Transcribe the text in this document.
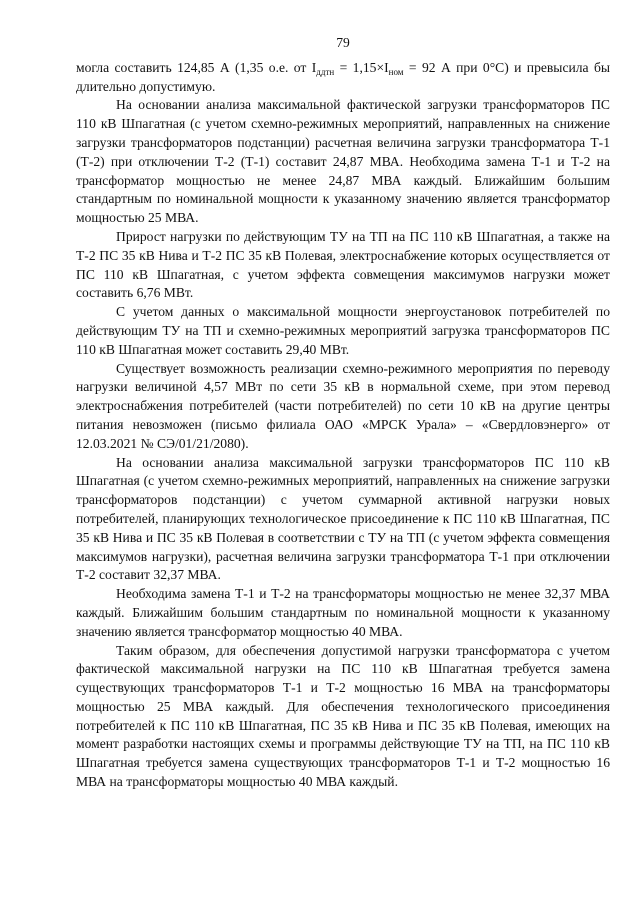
79

могла составить 124,85 А (1,35 о.е. от $I_{ддтн} = 1,15\times I_{ном} = 92$ А при 0°С) и превысила бы длительно допустимую.

На основании анализа максимальной фактической загрузки трансформаторов ПС 110 кВ Шпагатная (с учетом схемно-режимных мероприятий, направленных на снижение загрузки трансформаторов подстанции) расчетная величина загрузки трансформатора Т-1 (Т-2) при отключении Т-2 (Т-1) составит 24,87 МВА. Необходима замена Т-1 и Т-2 на трансформатор мощностью не менее 24,87 МВА каждый. Ближайшим большим стандартным по номинальной мощности к указанному значению является трансформатор мощностью 25 МВА.

Прирост нагрузки по действующим ТУ на ТП на ПС 110 кВ Шпагатная, а также на Т-2 ПС 35 кВ Нива и Т-2 ПС 35 кВ Полевая, электроснабжение которых осуществляется от ПС 110 кВ Шпагатная, с учетом эффекта совмещения максимумов нагрузки может составить 6,76 МВт.

С учетом данных о максимальной мощности энергоустановок потребителей по действующим ТУ на ТП и схемно-режимных мероприятий загрузка трансформаторов ПС 110 кВ Шпагатная может составить 29,40 МВт.

Существует возможность реализации схемно-режимного мероприятия по переводу нагрузки величиной 4,57 МВт по сети 35 кВ в нормальной схеме, при этом перевод электроснабжения потребителей (части потребителей) по сети 10 кВ на другие центры питания невозможен (письмо филиала ОАО «МРСК Урала» – «Свердловэнерго» от 12.03.2021 № СЭ/01/21/2080).

На основании анализа максимальной загрузки трансформаторов ПС 110 кВ Шпагатная (с учетом схемно-режимных мероприятий, направленных на снижение загрузки трансформаторов подстанции) с учетом суммарной активной нагрузки новых потребителей, планирующих технологическое присоединение к ПС 110 кВ Шпагатная, ПС 35 кВ Нива и ПС 35 кВ Полевая в соответствии с ТУ на ТП (с учетом эффекта совмещения максимумов нагрузки), расчетная величина загрузки трансформатора Т-1 при отключении Т-2 составит 32,37 МВА.

Необходима замена Т-1 и Т-2 на трансформаторы мощностью не менее 32,37 МВА каждый. Ближайшим большим стандартным по номинальной мощности к указанному значению является трансформатор мощностью 40 МВА.

Таким образом, для обеспечения допустимой нагрузки трансформатора с учетом фактической максимальной нагрузки на ПС 110 кВ Шпагатная требуется замена существующих трансформаторов Т-1 и Т-2 мощностью 16 МВА на трансформаторы мощностью 25 МВА каждый. Для обеспечения технологического присоединения потребителей к ПС 110 кВ Шпагатная, ПС 35 кВ Нива и ПС 35 кВ Полевая, имеющих на момент разработки настоящих схемы и программы действующие ТУ на ТП, на ПС 110 кВ Шпагатная требуется замена существующих трансформаторов Т-1 и Т-2 мощностью 16 МВА на трансформаторы мощностью 40 МВА каждый.
